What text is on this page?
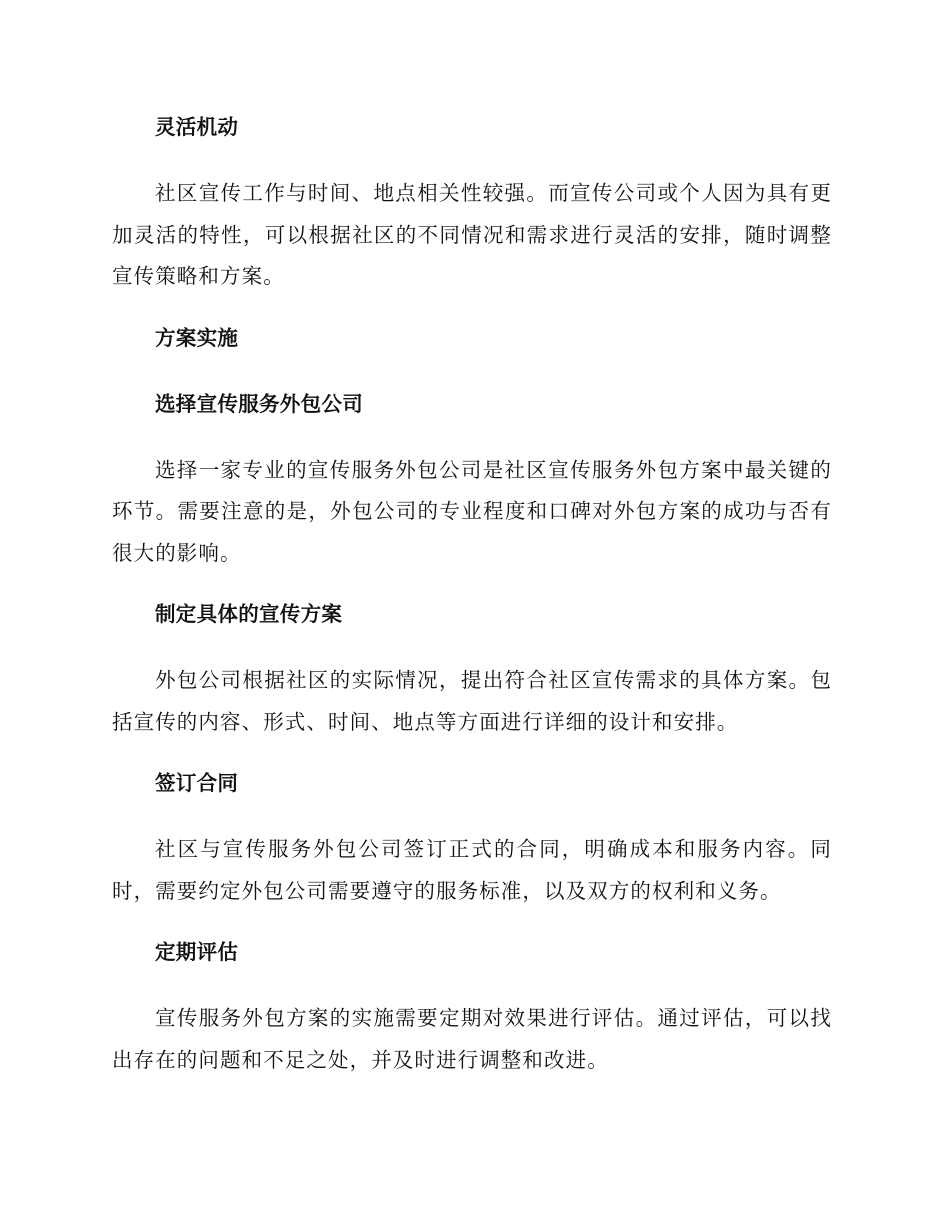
灵活机动

社区宣传工作与时间、地点相关性较强。而宣传公司或个人因为具有更加灵活的特性，可以根据社区的不同情况和需求进行灵活的安排，随时调整宣传策略和方案。

方案实施
选择宣传服务外包公司

选择一家专业的宣传服务外包公司是社区宣传服务外包方案中最关键的环节。需要注意的是，外包公司的专业程度和口碑对外包方案的成功与否有很大的影响。

制定具体的宣传方案

外包公司根据社区的实际情况，提出符合社区宣传需求的具体方案。包括宣传的内容、形式、时间、地点等方面进行详细的设计和安排。

签订合同

社区与宣传服务外包公司签订正式的合同，明确成本和服务内容。同时，需要约定外包公司需要遵守的服务标准，以及双方的权利和义务。

定期评估

宣传服务外包方案的实施需要定期对效果进行评估。通过评估，可以找出存在的问题和不足之处，并及时进行调整和改进。
